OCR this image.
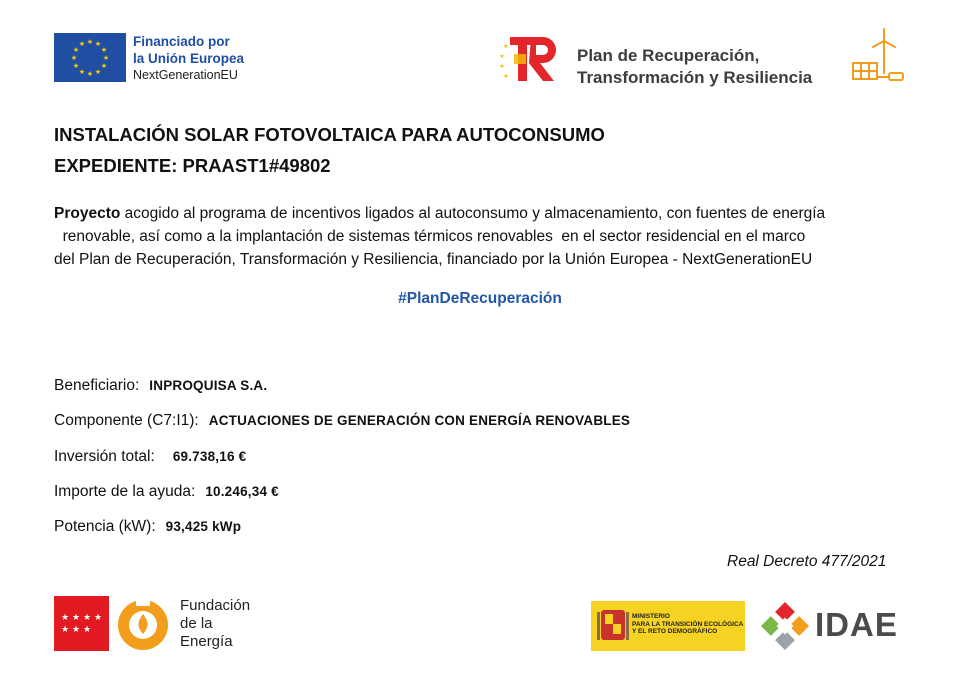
★ ★
★
★
★
★
★
★
★
★
★
★	Financiado por
la Unión Europea
NextGenerationEU
★
★
★
★
Plan de Recuperación,
Transformación y Resiliencia
INSTALACIÓN SOLAR FOTOVOLTAICA PARA AUTOCONSUMO
EXPEDIENTE: PRAAST1#49802
Proyecto acogido al programa de incentivos ligados al autoconsumo y almacenamiento, con fuentes de energía
renovable, así como a la implantación de sistemas térmicos renovables  en el sector residencial en el marco
del Plan de Recuperación, Transformación y Resiliencia, financiado por la Unión Europea - NextGenerationEU
#PlanDeRecuperación
Beneficiario: INPROQUISA S.A.
Componente (C7:I1): ACTUACIONES DE GENERACIÓN CON ENERGÍA RENOVABLES
Inversión total: 69.738,16 €
Importe de la ayuda: 10.246,34 €
Potencia (kW): 93,425 kWp
Real Decreto 477/2021
★ ★ ★ ★
★ ★ ★
Fundación
de la
Energía
MINISTERIO
PARA LA TRANSICIÓN ECOLÓGICA
Y EL RETO DEMOGRÁFICO	IDAE
